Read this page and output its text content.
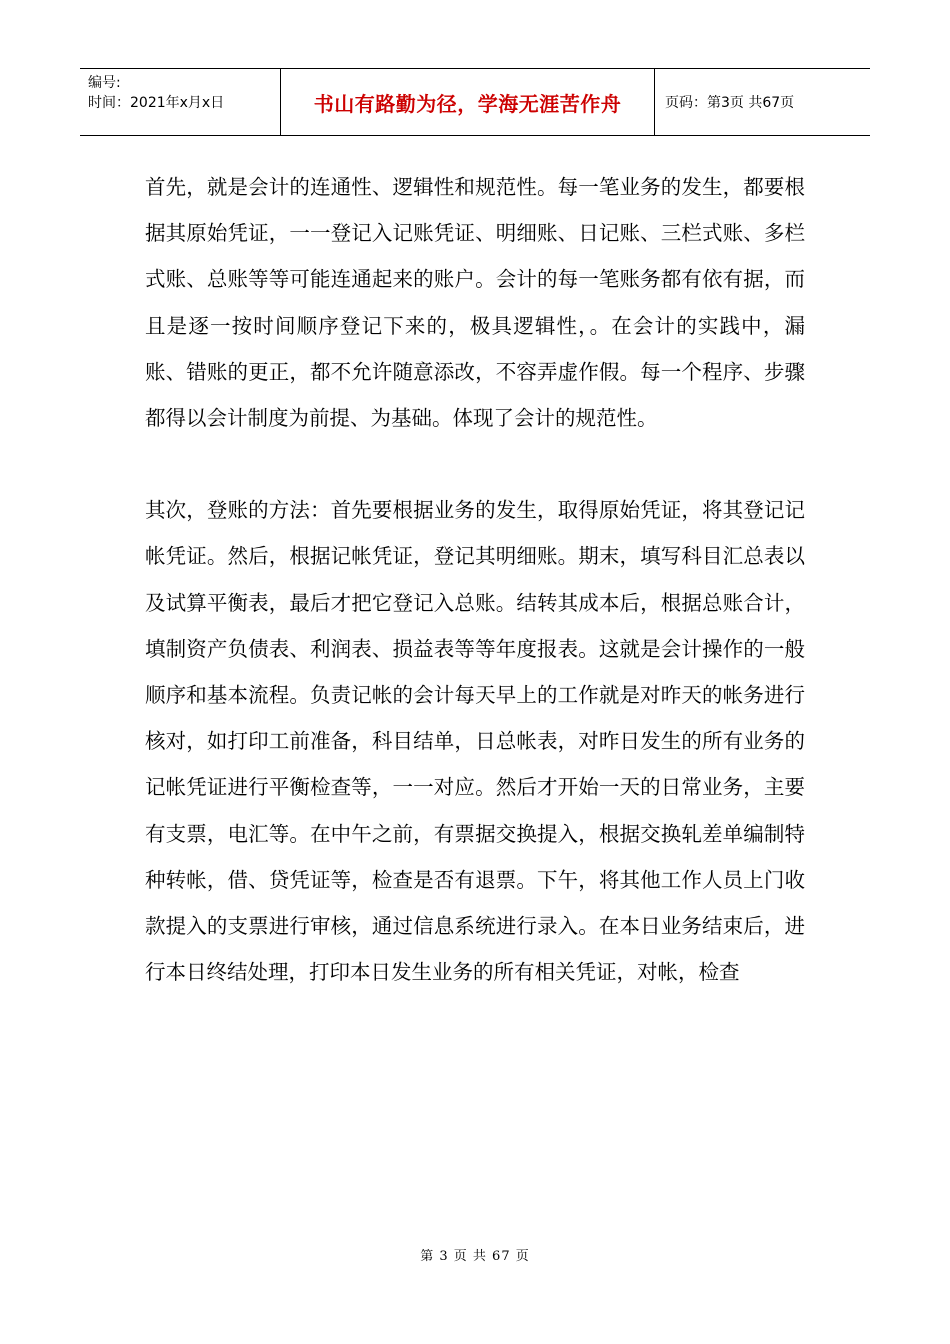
编号:
时间：2021年x月x日	书山有路勤为径，学海无涯苦作舟	页码：第3页 共67页

首先，就是会计的连通性、逻辑性和规范性。每一笔业务的发生，都要根据其原始凭证，一一登记入记账凭证、明细账、日记账、三栏式账、多栏式账、总账等等可能连通起来的账户。会计的每一笔账务都有依有据，而且是逐一按时间顺序登记下来的，极具逻辑性，。在会计的实践中，漏账、错账的更正，都不允许随意添改，不容弄虚作假。每一个程序、步骤都得以会计制度为前提、为基础。体现了会计的规范性。

其次，登账的方法：首先要根据业务的发生，取得原始凭证，将其登记记帐凭证。然后，根据记帐凭证，登记其明细账。期末，填写科目汇总表以及试算平衡表，最后才把它登记入总账。结转其成本后，根据总账合计，填制资产负债表、利润表、损益表等等年度报表。这就是会计操作的一般顺序和基本流程。负责记帐的会计每天早上的工作就是对昨天的帐务进行核对，如打印工前准备，科目结单，日总帐表，对昨日发生的所有业务的记帐凭证进行平衡检查等，一一对应。然后才开始一天的日常业务，主要有支票，电汇等。在中午之前，有票据交换提入，根据交换轧差单编制特种转帐，借、贷凭证等，检查是否有退票。下午，将其他工作人员上门收款提入的支票进行审核，通过信息系统进行录入。在本日业务结束后，进行本日终结处理，打印本日发生业务的所有相关凭证，对帐，检查

第 3 页 共 67 页
